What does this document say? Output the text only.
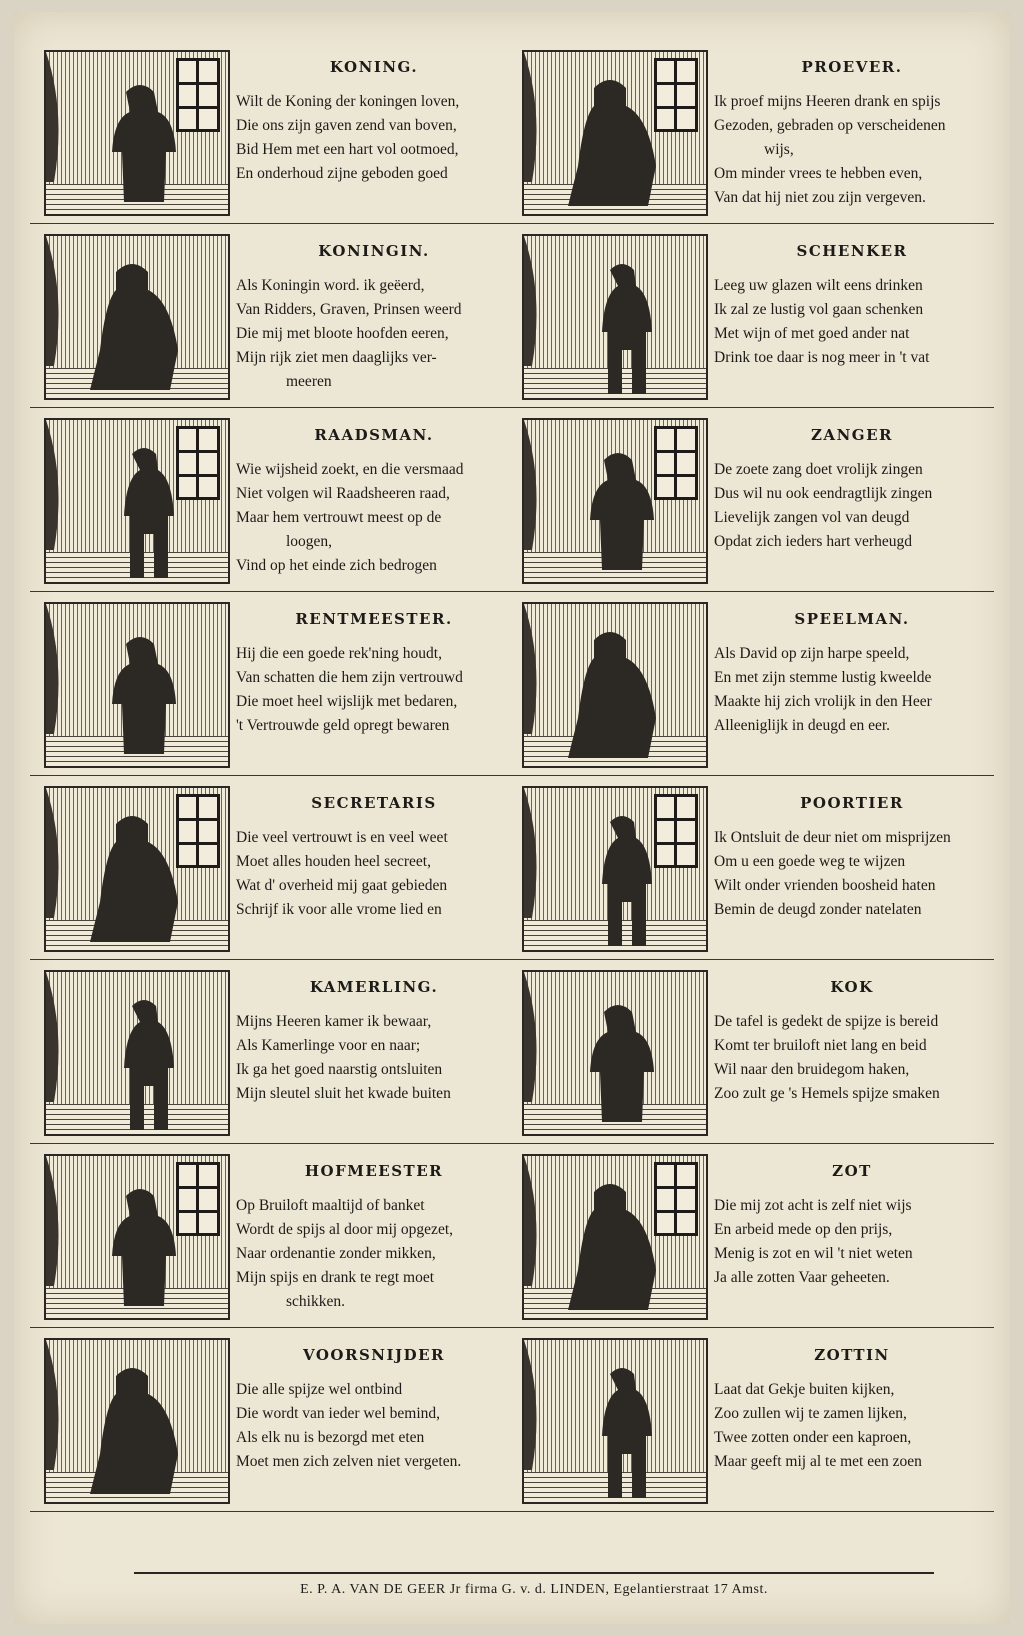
KONING.
Wilt de Koning der koningen loven,
Die ons zijn gaven zend van boven,
Bid Hem met een hart vol ootmoed,
En onderhoud zijne geboden goed
KONINGIN.
Als Koningin word. ik geëerd,
Van Ridders, Graven, Prinsen weerd
Die mij met bloote hoofden eeren,
Mijn rijk ziet men daaglijks ver-
meeren
RAADSMAN.
Wie wijsheid zoekt, en die versmaad
Niet volgen wil Raadsheeren raad,
Maar hem vertrouwt meest op de
loogen,
Vind op het einde zich bedrogen
RENTMEESTER.
Hij die een goede rek'ning houdt,
Van schatten die hem zijn vertrouwd
Die moet heel wijslijk met bedaren,
't Vertrouwde geld opregt bewaren
SECRETARIS
Die veel vertrouwt is en veel weet
Moet alles houden heel secreet,
Wat d' overheid mij gaat gebieden
Schrijf ik voor alle vrome lied en
KAMERLING.
Mijns Heeren kamer ik bewaar,
Als Kamerlinge voor en naar;
Ik ga het goed naarstig ontsluiten
Mijn sleutel sluit het kwade buiten
HOFMEESTER
Op Bruiloft maaltijd of banket
Wordt de spijs al door mij opgezet,
Naar ordenantie zonder mikken,
Mijn spijs en drank te regt moet
schikken.
VOORSNIJDER
Die alle spijze wel ontbind
Die wordt van ieder wel bemind,
Als elk nu is bezorgd met eten
Moet men zich zelven niet vergeten.
PROEVER.
Ik proef mijns Heeren drank en spijs
Gezoden, gebraden op verscheidenen
wijs,
Om minder vrees te hebben even,
Van dat hij niet zou zijn vergeven.
SCHENKER
Leeg uw glazen wilt eens drinken
Ik zal ze lustig vol gaan schenken
Met wijn of met goed ander nat
Drink toe daar is nog meer in 't vat
ZANGER
De zoete zang doet vrolijk zingen
Dus wil nu ook eendragtlijk zingen
Lievelijk zangen vol van deugd
Opdat zich ieders hart verheugd
SPEELMAN.
Als David op zijn harpe speeld,
En met zijn stemme lustig kweelde
Maakte hij zich vrolijk in den Heer
Alleeniglijk in deugd en eer.
POORTIER
Ik Ontsluit de deur niet om misprijzen
Om u een goede weg te wijzen
Wilt onder vrienden boosheid haten
Bemin de deugd zonder natelaten
KOK
De tafel is gedekt de spijze is bereid
Komt ter bruiloft niet lang en beid
Wil naar den bruidegom haken,
Zoo zult ge 's Hemels spijze smaken
ZOT
Die mij zot acht is zelf niet wijs
En arbeid mede op den prijs,
Menig is zot en wil 't niet weten
Ja alle zotten Vaar geheeten.
ZOTTIN
Laat dat Gekje buiten kijken,
Zoo zullen wij te zamen lijken,
Twee zotten onder een kaproen,
Maar geeft mij al te met een zoen
E. P. A. VAN DE GEER Jr firma G. v. d. LINDEN, Egelantierstraat 17 Amst.
